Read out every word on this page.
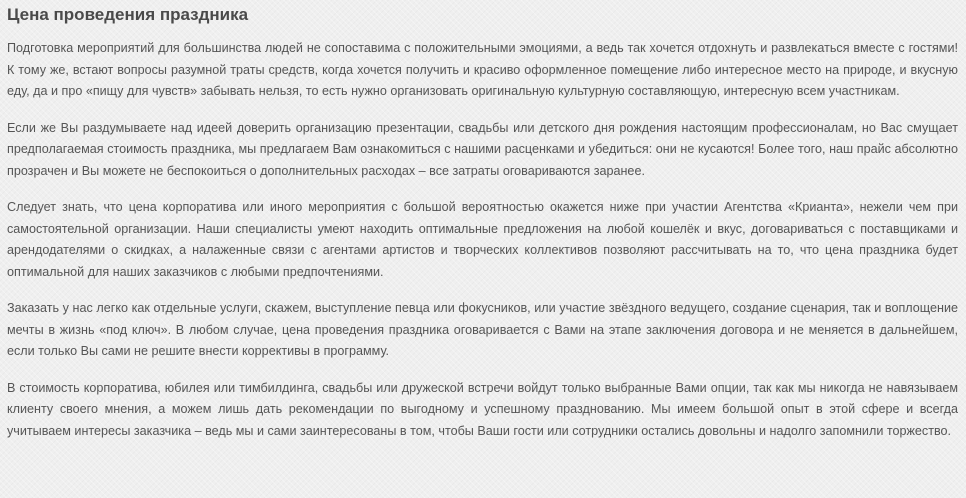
Цена проведения праздника

Подготовка мероприятий для большинства людей не сопоставима с положительными эмоциями, а ведь так хочется отдохнуть и развлекаться вместе с гостями! К тому же, встают вопросы разумной траты средств, когда хочется получить и красиво оформленное помещение либо интересное место на природе, и вкусную еду, да и про «пищу для чувств» забывать нельзя, то есть нужно организовать оригинальную культурную составляющую, интересную всем участникам.

Если же Вы раздумываете над идеей доверить организацию презентации, свадьбы или детского дня рождения настоящим профессионалам, но Вас смущает предполагаемая стоимость праздника, мы предлагаем Вам ознакомиться с нашими расценками и убедиться: они не кусаются! Более того, наш прайс абсолютно прозрачен и Вы можете не беспокоиться о дополнительных расходах – все затраты оговариваются заранее.

Следует знать, что цена корпоратива или иного мероприятия с большой вероятностью окажется ниже при участии Агентства «Крианта», нежели чем при самостоятельной организации. Наши специалисты умеют находить оптимальные предложения на любой кошелёк и вкус, договариваться с поставщиками и арендодателями о скидках, а налаженные связи с агентами артистов и творческих коллективов позволяют рассчитывать на то, что цена праздника будет оптимальной для наших заказчиков с любыми предпочтениями.

Заказать у нас легко как отдельные услуги, скажем, выступление певца или фокусников, или участие звёздного ведущего, создание сценария, так и воплощение мечты в жизнь «под ключ». В любом случае, цена проведения праздника оговаривается с Вами на этапе заключения договора и не меняется в дальнейшем, если только Вы сами не решите внести коррективы в программу.

В стоимость корпоратива, юбилея или тимбилдинга, свадьбы или дружеской встречи войдут только выбранные Вами опции, так как мы никогда не навязываем клиенту своего мнения, а можем лишь дать рекомендации по выгодному и успешному празднованию. Мы имеем большой опыт в этой сфере и всегда учитываем интересы заказчика – ведь мы и сами заинтересованы в том, чтобы Ваши гости или сотрудники остались довольны и надолго запомнили торжество.
